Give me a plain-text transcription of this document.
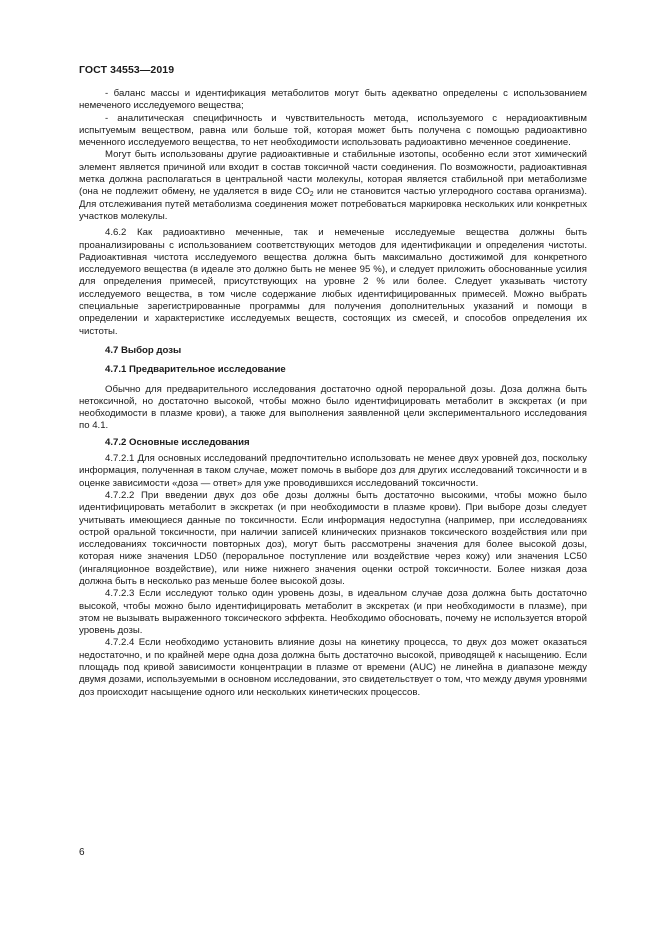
ГОСТ 34553—2019

- баланс массы и идентификация метаболитов могут быть адекватно определены с использованием немеченого исследуемого вещества;

- аналитическая специфичность и чувствительность метода, используемого с нерадиоактивным испытуемым веществом, равна или больше той, которая может быть получена с помощью радиоактивно меченного исследуемого вещества, то нет необходимости использовать радиоактивно меченное соединение.

Могут быть использованы другие радиоактивные и стабильные изотопы, особенно если этот химический элемент является причиной или входит в состав токсичной части соединения. По возможности, радиоактивная метка должна располагаться в центральной части молекулы, которая является стабильной при метаболизме (она не подлежит обмену, не удаляется в виде $CO_2$ или не становится частью углеродного состава организма). Для отслеживания путей метаболизма соединения может потребоваться маркировка нескольких или конкретных участков молекулы.

4.6.2 Как радиоактивно меченные, так и немеченые исследуемые вещества должны быть проанализированы с использованием соответствующих методов для идентификации и определения чистоты. Радиоактивная чистота исследуемого вещества должна быть максимально достижимой для конкретного исследуемого вещества (в идеале это должно быть не менее 95 %), и следует приложить обоснованные усилия для определения примесей, присутствующих на уровне 2 % или более. Следует указывать чистоту исследуемого вещества, в том числе содержание любых идентифицированных примесей. Можно выбрать специальные зарегистрированные программы для получения дополнительных указаний и помощи в определении и характеристике исследуемых веществ, состоящих из смесей, и способов определения их чистоты.

4.7 Выбор дозы

4.7.1 Предварительное исследование

Обычно для предварительного исследования достаточно одной пероральной дозы. Доза должна быть нетоксичной, но достаточно высокой, чтобы можно было идентифицировать метаболит в экскретах (и при необходимости в плазме крови), а также для выполнения заявленной цели экспериментального исследования по 4.1.

4.7.2 Основные исследования

4.7.2.1 Для основных исследований предпочтительно использовать не менее двух уровней доз, поскольку информация, полученная в таком случае, может помочь в выборе доз для других исследований токсичности и в оценке зависимости «доза — ответ» для уже проводившихся исследований токсичности.

4.7.2.2 При введении двух доз обе дозы должны быть достаточно высокими, чтобы можно было идентифицировать метаболит в экскретах (и при необходимости в плазме крови). При выборе дозы следует учитывать имеющиеся данные по токсичности. Если информация недоступна (например, при исследованиях острой оральной токсичности, при наличии записей клинических признаков токсического воздействия или при исследованиях токсичности повторных доз), могут быть рассмотрены значения для более высокой дозы, которая ниже значения LD50 (пероральное поступление или воздействие через кожу) или значения LC50 (ингаляционное воздействие), или ниже нижнего значения оценки острой токсичности. Более низкая доза должна быть в несколько раз меньше более высокой дозы.

4.7.2.3 Если исследуют только один уровень дозы, в идеальном случае доза должна быть достаточно высокой, чтобы можно было идентифицировать метаболит в экскретах (и при необходимости в плазме), при этом не вызывать выраженного токсического эффекта. Необходимо обосновать, почему не используется второй уровень дозы.

4.7.2.4 Если необходимо установить влияние дозы на кинетику процесса, то двух доз может оказаться недостаточно, и по крайней мере одна доза должна быть достаточно высокой, приводящей к насыщению. Если площадь под кривой зависимости концентрации в плазме от времени (AUC) не линейна в диапазоне между двумя дозами, используемыми в основном исследовании, это свидетельствует о том, что между двумя уровнями доз происходит насыщение одного или нескольких кинетических процессов.

6
